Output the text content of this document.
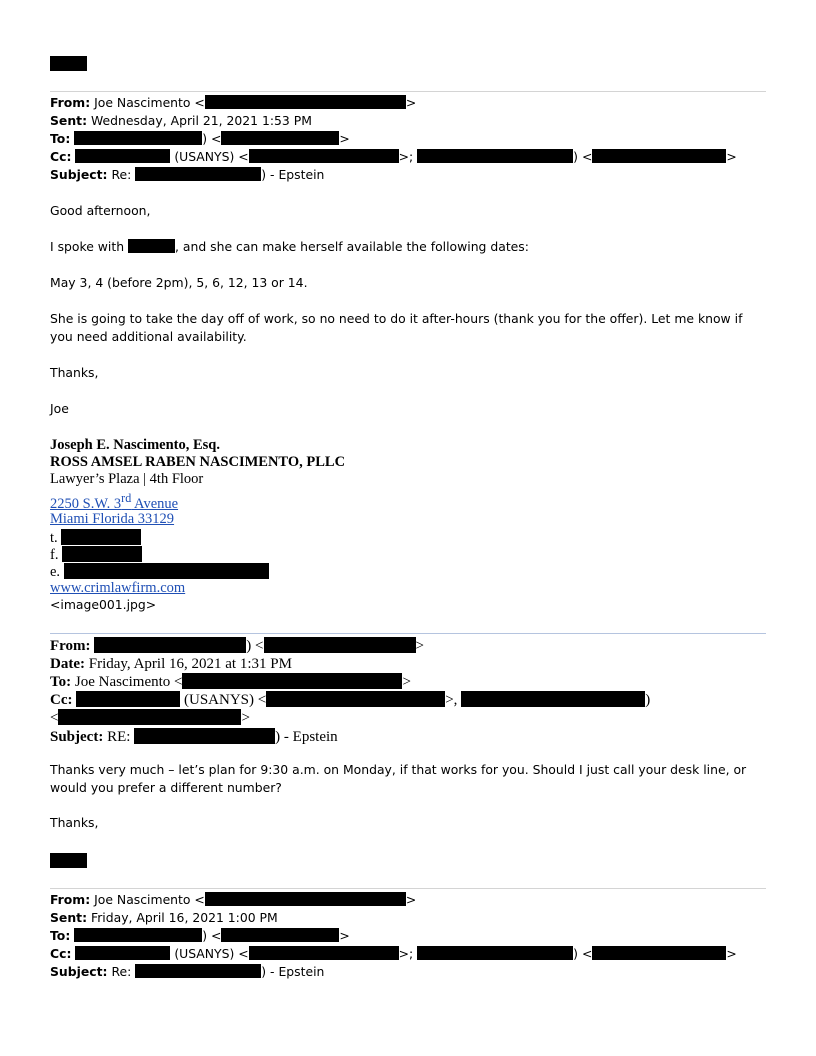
From: Joe Nascimento <	>
Sent: Wednesday, April 21, 2021 1:53 PM
To:	) <	>
Cc:	(USANYS) <	>;	) <	>
Subject: Re:	) - Epstein
Good afternoon,
I spoke with	, and she can make herself available the following dates:
May 3, 4 (before 2pm), 5, 6, 12, 13 or 14.

She is going to take the day off of work, so no need to do it after-hours (thank you for the offer). Let me know if you need additional availability.

Thanks,
Joe
Joseph E. Nascimento, Esq.
ROSS AMSEL RABEN NASCIMENTO, PLLC
Lawyer’s Plaza | 4th Floor
2250 S.W. 3rd Avenue
Miami Florida 33129
t.
f.
e.
www.crimlawfirm.com
<image001.jpg>
From:	) <	>
Date: Friday, April 16, 2021 at 1:31 PM
To: Joe Nascimento <	>
Cc:	(USANYS) <	>,	)
<	>
Subject: RE:	) - Epstein

Thanks very much – let’s plan for 9:30 a.m. on Monday, if that works for you. Should I just call your desk line, or would you prefer a different number?

Thanks,
From: Joe Nascimento <	>
Sent: Friday, April 16, 2021 1:00 PM
To:	) <	>
Cc:	(USANYS) <	>;	) <	>
Subject: Re:	) - Epstein
